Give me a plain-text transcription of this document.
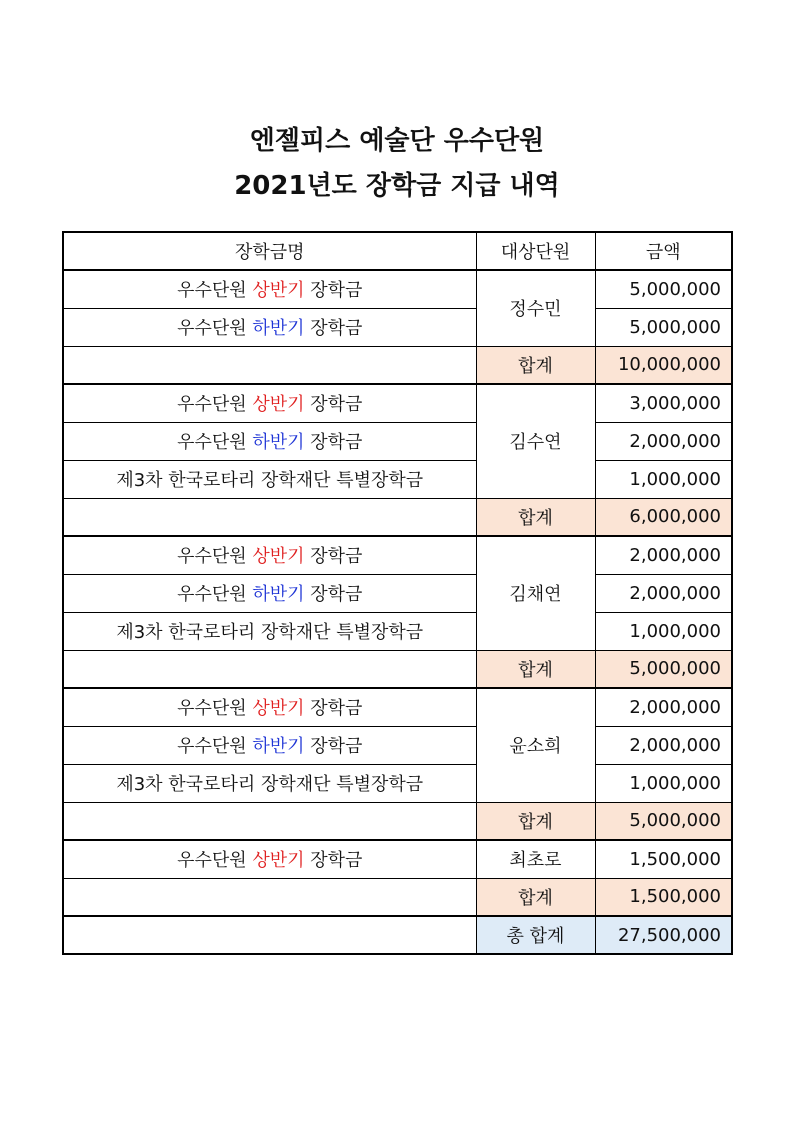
엔젤피스 예술단 우수단원
2021년도 장학금 지급 내역
장학금명	대상단원	금액
우수단원 상반기 장학금	정수민	5,000,000
우수단원 하반기 장학금		5,000,000
	합계	10,000,000
우수단원 상반기 장학금	김수연	3,000,000
우수단원 하반기 장학금		2,000,000
제3차 한국로타리 장학재단 특별장학금		1,000,000
	합계	6,000,000
우수단원 상반기 장학금	김채연	2,000,000
우수단원 하반기 장학금		2,000,000
제3차 한국로타리 장학재단 특별장학금		1,000,000
	합계	5,000,000
우수단원 상반기 장학금	윤소희	2,000,000
우수단원 하반기 장학금		2,000,000
제3차 한국로타리 장학재단 특별장학금		1,000,000
	합계	5,000,000
우수단원 상반기 장학금	최초로	1,500,000
	합계	1,500,000
	총 합계	27,500,000
